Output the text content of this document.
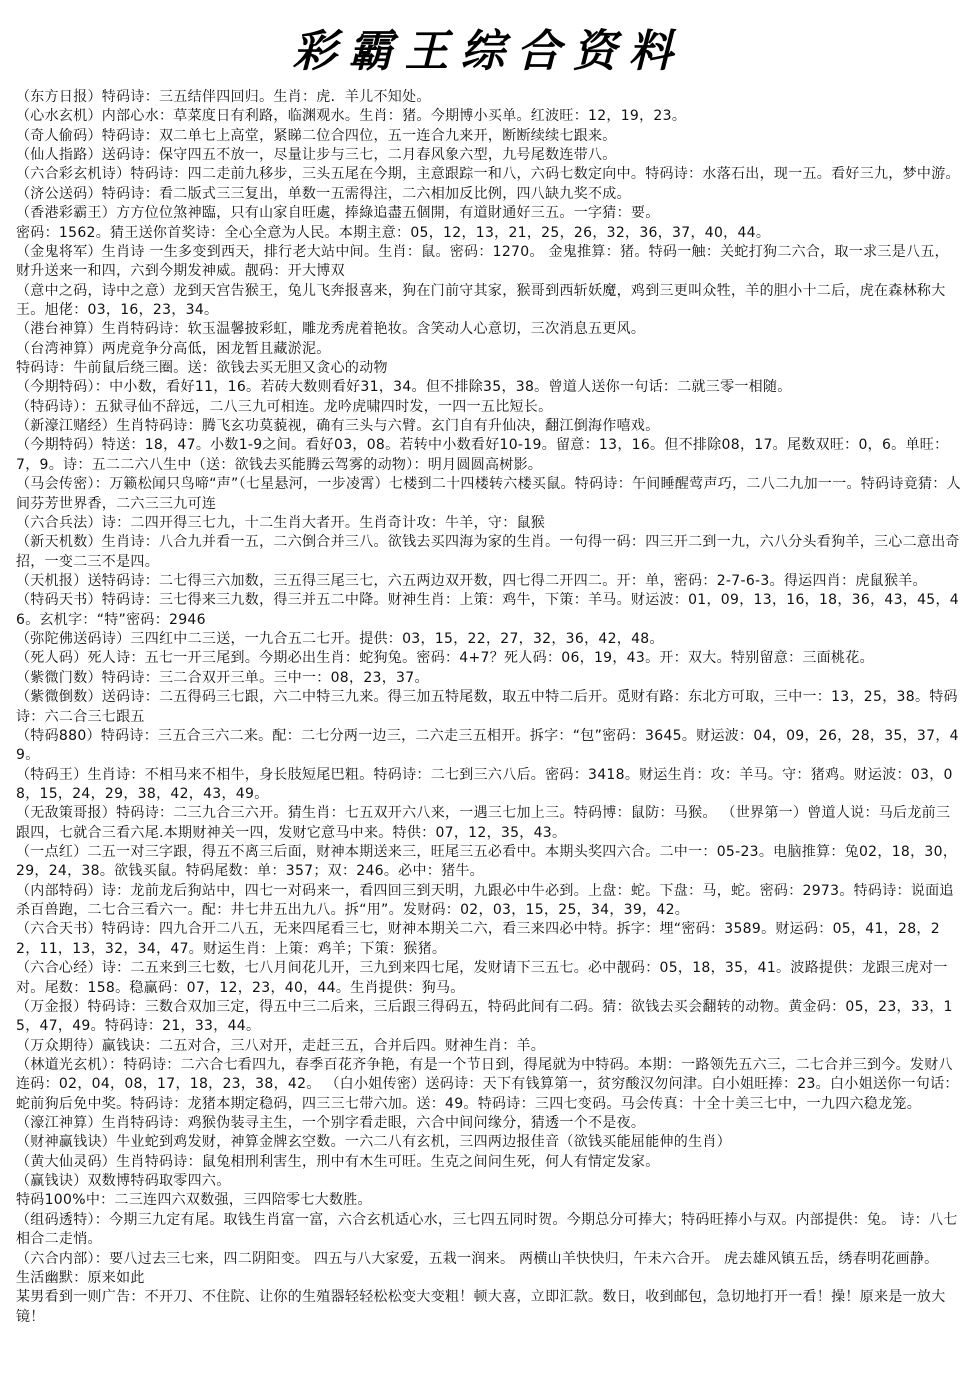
彩霸王综合资料
（东方日报）特码诗：三五结伴四回归。生肖：虎．羊儿不知处。
（心水玄机）内部心水：草菜度日有利路，临渊观水。生肖：猪。今期博小买单。红波旺：12，19，23。
（奇人偷码）特码诗：双二单七上高堂，紧睇二位合四位，五一连合九来开，断断续续七跟来。
（仙人指路）送码诗：保守四五不放一，尽量让步与三七，二月春风象六型，九号尾数连带八。
（六合彩玄机诗）特码诗：四二走前九移步，三头五尾在今期，主意跟踪一和八，六码七数定向中。特码诗：水落石出，现一五。看好三九，梦中游。
（济公送码）特码诗：看二版式三三复出，单数一五需得注，二六相加反比例，四八缺九奖不成。
（香港彩霸王）方方位位煞神臨，只有山家自旺處，捧綠追盡五個開，有道財通好三五。一字猜：要。
密码：1562。猜王送你首奖诗：全心全意为人民。本期主意：05，12，13，21，25，26，32，36，37，40，44。
（金鬼将军）生肖诗 一生多变到西天，排行老大站中间。生肖：鼠。密码：1270。 金鬼推算：猪。特码一触：关蛇打狗二六合，取一求三是八五，财升送来一和四，六到今期发神威。靓码：开大博双
（意中之码，诗中之意）龙到天宫告猴王，兔儿飞奔报喜来，狗在门前守其家，猴哥到西斩妖魔，鸡到三更叫众牲，羊的胆小十二后，虎在森林称大王。旭佬：03，16，23，34。
（港台神算）生肖特码诗：软玉温馨披彩虹，雕龙秀虎着艳妆。含笑动人心意切，三次消息五更风。
（台湾神算）两虎竟争分高低，困龙暂且藏淤泥。
特码诗：牛前鼠后绕三圈。送：欲钱去买无胆又贪心的动物
（今期特码）：中小数，看好11，16。若砖大数则看好31，34。但不排除35，38。曾道人送你一句话：二就三零一相随。
（特码诗）：五狱寻仙不辞远，二八三九可相连。龙吟虎啸四时发，一四一五比短长。
（新濠江赌经）生肖特码诗：腾飞玄功莫藐视，确有三头与六臂。玄门自有升仙决，翻江倒海作嘻戏。
（今期特码）特送：18，47。小数1-9之间。看好03，08。若转中小数看好10-19。留意：13，16。但不排除08，17。尾数双旺：0，6。单旺：7，9。诗：五二二六八生中（送：欲钱去买能腾云驾雾的动物）：明月圆圆高树影。
（马会传密）：万籁松闻只鸟啼“声”（七星悬河，一步凌霄）七楼到二十四楼转六楼买鼠。特码诗：午间睡醒莺声巧，二八二九加一一。特码诗竟猜：人间芬芳世界香，二六三三九可连
（六合兵法）诗：二四开得三七九，十二生肖大者开。生肖奇计攻：牛羊，守：鼠猴
（新天机数）生肖诗：八合九并看一五，二六倒合并三八。欲钱去买四海为家的生肖。一句得一码：四三开二到一九，六八分头看狗羊，三心二意出奇招，一变二三不是四。
（天机报）送特码诗：二七得三六加数，三五得三尾三七，六五两边双开数，四七得二开四二。开：单，密码：2-7-6-3。得运四肖：虎鼠猴羊。
（特码天书）特码诗：三七得来三九数，得三并五二中降。财神生肖：上策：鸡牛，下策：羊马。财运波：01，09，13，16，18，36，43，45，46。玄机字：“特”密码：2946
（弥陀佛送码诗）三四红中二三送，一九合五二七开。提供：03，15，22，27，32，36，42，48。
（死人码）死人诗：五七一开三尾到。今期必出生肖：蛇狗兔。密码：4+7？死人码：06，19，43。开：双大。特别留意：三面桃花。
（紫微门数）特码诗：三二合双开三单。三中一：08，23，37。
（紫微倒数）送码诗：二五得码三七跟，六二中特三九来。得三加五特尾数，取五中特二后开。觅财有路：东北方可取，三中一：13，25，38。特码诗：六二合三七跟五
（特码880）特码诗：三五合三六二来。配：二七分两一边三，二六走三五相开。拆字：“包”密码：3645。财运波：04，09，26，28，35，37，49。
（特码王）生肖诗：不相马来不相牛，身长肢短尾巴粗。特码诗：二七到三六八后。密码：3418。财运生肖：攻：羊马。守：猪鸡。财运波：03，08，15，24，29，38，42，43，49。
（无敌策哥报）特码诗：二三九合三六开。猜生肖：七五双开六八来，一遇三七加上三。特码博：鼠防：马猴。 （世界第一）曾道人说：马后龙前三跟四，七就合三看六尾.本期财神关一四，发财它意马中来。特供：07，12，35，43。
（一点红）二五一对三字跟，得五不离三后面，财神本期送来三，旺尾三五必看中。本期头奖四六合。二中一：05-23。电脑推算：兔02，18，30，29，24，38。欲钱买鼠。特码尾数：单：357；双：246。必中：猪牛。
（内部特码）诗：龙前龙后狗站中，四七一对码来一，看四回三到天明，九跟必中牛必到。上盘：蛇。下盘：马，蛇。密码：2973。特码诗：说面追杀百兽跑，二七合三看六一。配：井七井五出九八。拆“用”。发财码：02，03，15，25，34，39，42。
（六合天书）特码诗：四九合开二八五，无来四尾看三七，财神本期关二六，看三来四必中特。拆字：埋“密码：3589。财运码：05，41，28，22，11，13，32，34，47。财运生肖：上策：鸡羊；下策：猴猪。
（六合心经）诗：二五来到三七数，七八月间花儿开，三九到来四七尾，发财请下三五七。必中靓码：05，18，35，41。波路提供：龙跟三虎对一对。尾数：158。稳赢码：07，12，23，40，44。生肖提供：狗马。
（万金报）特码诗：三数合双加三定，得五中三二后来，三后跟三得码五，特码此间有二码。猜：欲钱去买会翻转的动物。黄金码：05，23，33，15，47，49。特码诗：21，33，44。
（万众期待）赢钱诀：二五对合，三八对开，走赶三五，合并后四。财神生肖：羊。
（林道光玄机）：特码诗：二六合七看四九，春季百花齐争艳，有是一个节日到，得尾就为中特码。本期：一路领先五六三，二七合并三到今。发财八连码：02，04，08，17，18，23，38，42。 （白小姐传密）送码诗：天下有钱算第一，贫穷酸汉勿问津。白小姐旺捧：23。白小姐送你一句话：蛇前狗后免中奖。特码诗：龙猪本期定稳码，四三三七带六加。送：49。特码诗：三四七变码。马会传真：十全十美三七中，一九四六稳龙笼。
（濠江神算）生肖特码诗：鸡猴伪装寻主生，一个别字看走眼，六合中间问缘分，猜透一个不是夜。
（财神赢钱诀）牛业蛇到鸡发财，神算金牌玄空数。一六二八有玄机，三四两边报佳音（欲钱买能屈能伸的生肖）
（黄大仙灵码）生肖特码诗：鼠兔相刑利害生，刑中有木生可旺。生克之间问生死，何人有情定发家。
（赢钱诀）双数博特码取零四六。
特码100%中：二三连四六双数强，三四陪零七大数胜。
（组码透特）：今期三九定有尾。取钱生肖富一富，六合玄机适心水，三七四五同时贺。今期总分可捧大；特码旺捧小与双。内部提供：兔。 诗：八七相合二走悄。
（六合内部）：要八过去三七来，四二阴阳变。 四五与八大家爱，五栽一润来。 两横山羊快快归，午未六合开。 虎去雄风镇五岳，绣春明花画静。
生活幽默：原来如此
某男看到一则广告：不开刀、不住院、让你的生殖器轻轻松松变大变粗！顿大喜，立即汇款。数日，收到邮包，急切地打开一看！操！原来是一放大镜！
